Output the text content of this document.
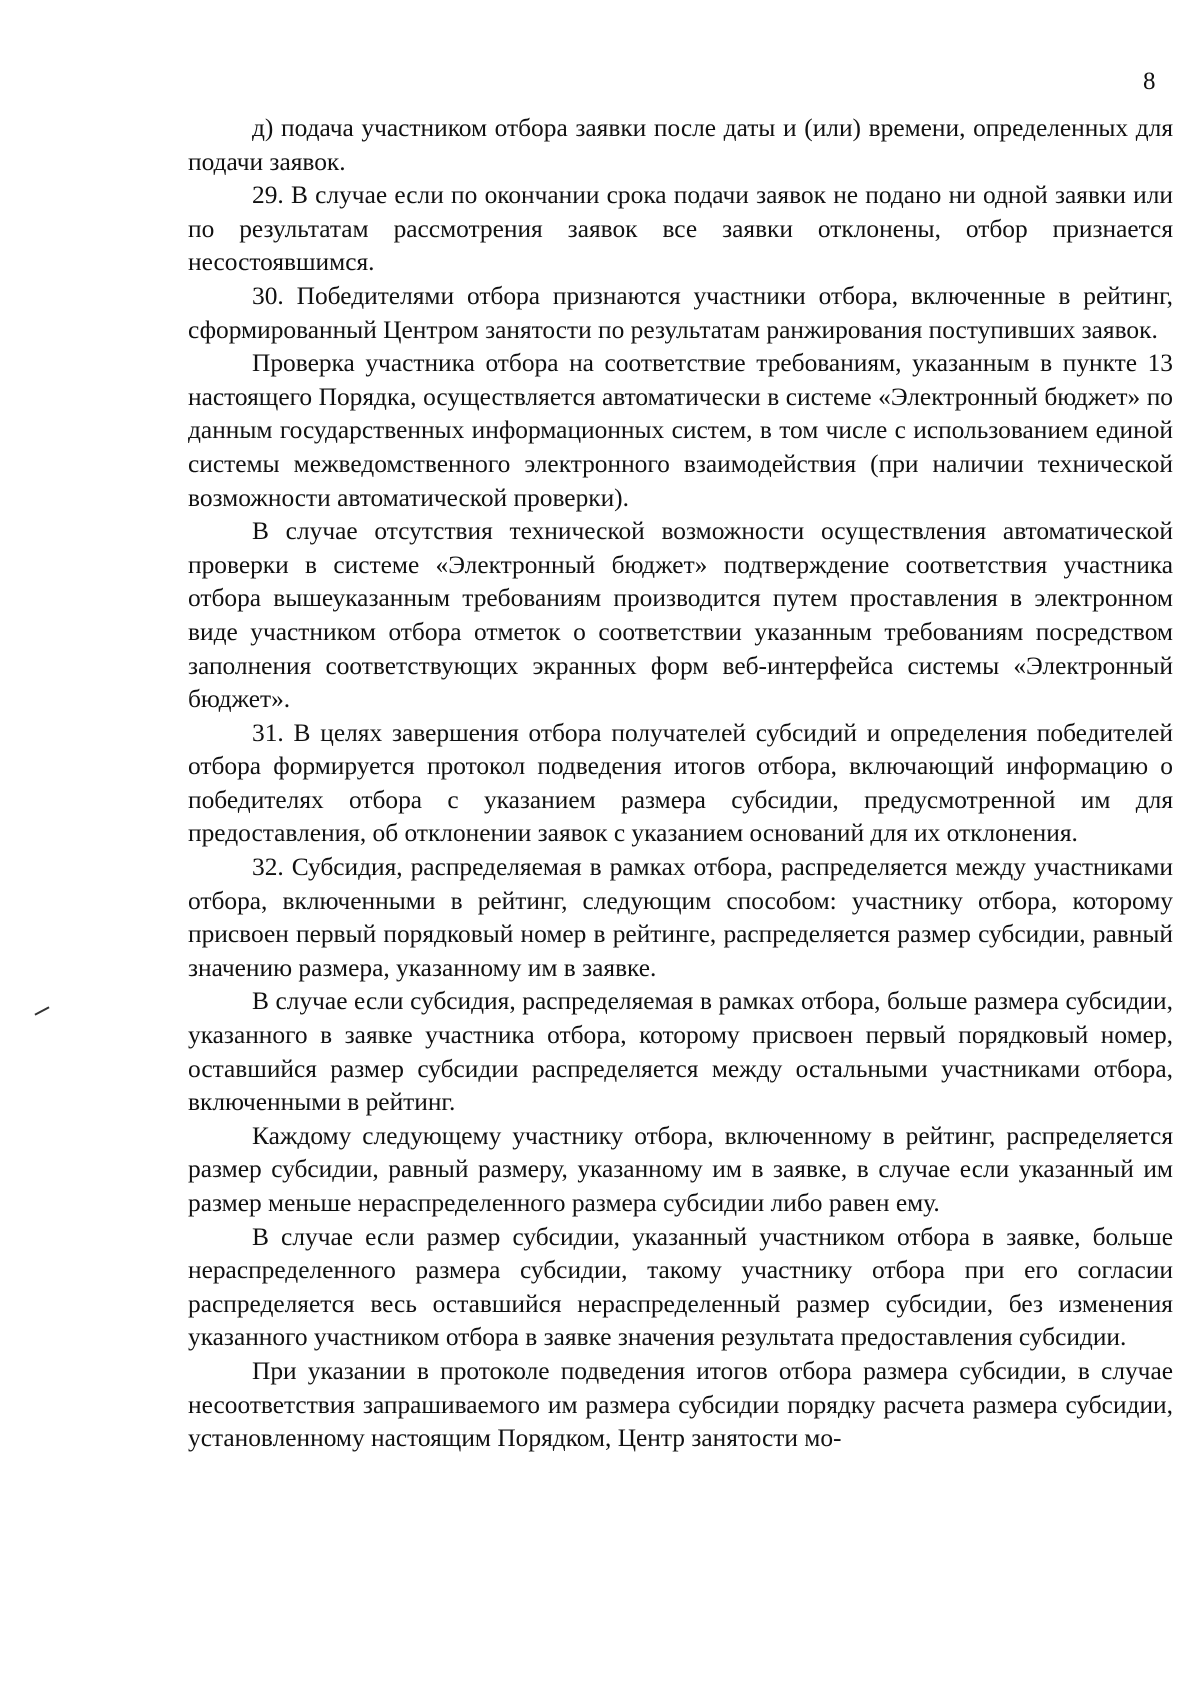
8

д) подача участником отбора заявки после даты и (или) времени, определенных для подачи заявок.

29. В случае если по окончании срока подачи заявок не подано ни одной заявки или по результатам рассмотрения заявок все заявки отклонены, отбор признается несостоявшимся.

30. Победителями отбора признаются участники отбора, включенные в рейтинг, сформированный Центром занятости по результатам ранжирования поступивших заявок.

Проверка участника отбора на соответствие требованиям, указанным в пункте 13 настоящего Порядка, осуществляется автоматически в системе «Электронный бюджет» по данным государственных информационных систем, в том числе с использованием единой системы межведомственного электронного взаимодействия (при наличии технической возможности автоматической проверки).

В случае отсутствия технической возможности осуществления автоматической проверки в системе «Электронный бюджет» подтверждение соответствия участника отбора вышеуказанным требованиям производится путем проставления в электронном виде участником отбора отметок о соответствии указанным требованиям посредством заполнения соответствующих экранных форм веб-интерфейса системы «Электронный бюджет».

31. В целях завершения отбора получателей субсидий и определения победителей отбора формируется протокол подведения итогов отбора, включающий информацию о победителях отбора с указанием размера субсидии, предусмотренной им для предоставления, об отклонении заявок с указанием оснований для их отклонения.

32. Субсидия, распределяемая в рамках отбора, распределяется между участниками отбора, включенными в рейтинг, следующим способом: участнику отбора, которому присвоен первый порядковый номер в рейтинге, распределяется размер субсидии, равный значению размера, указанному им в заявке.

В случае если субсидия, распределяемая в рамках отбора, больше размера субсидии, указанного в заявке участника отбора, которому присвоен первый порядковый номер, оставшийся размер субсидии распределяется между остальными участниками отбора, включенными в рейтинг.

Каждому следующему участнику отбора, включенному в рейтинг, распределяется размер субсидии, равный размеру, указанному им в заявке, в случае если указанный им размер меньше нераспределенного размера субсидии либо равен ему.

В случае если размер субсидии, указанный участником отбора в заявке, больше нераспределенного размера субсидии, такому участнику отбора при его согласии распределяется весь оставшийся нераспределенный размер субсидии, без изменения указанного участником отбора в заявке значения результата предоставления субсидии.

При указании в протоколе подведения итогов отбора размера субсидии, в случае несоответствия запрашиваемого им размера субсидии порядку расчета размера субсидии, установленному настоящим Порядком, Центр занятости мо-
